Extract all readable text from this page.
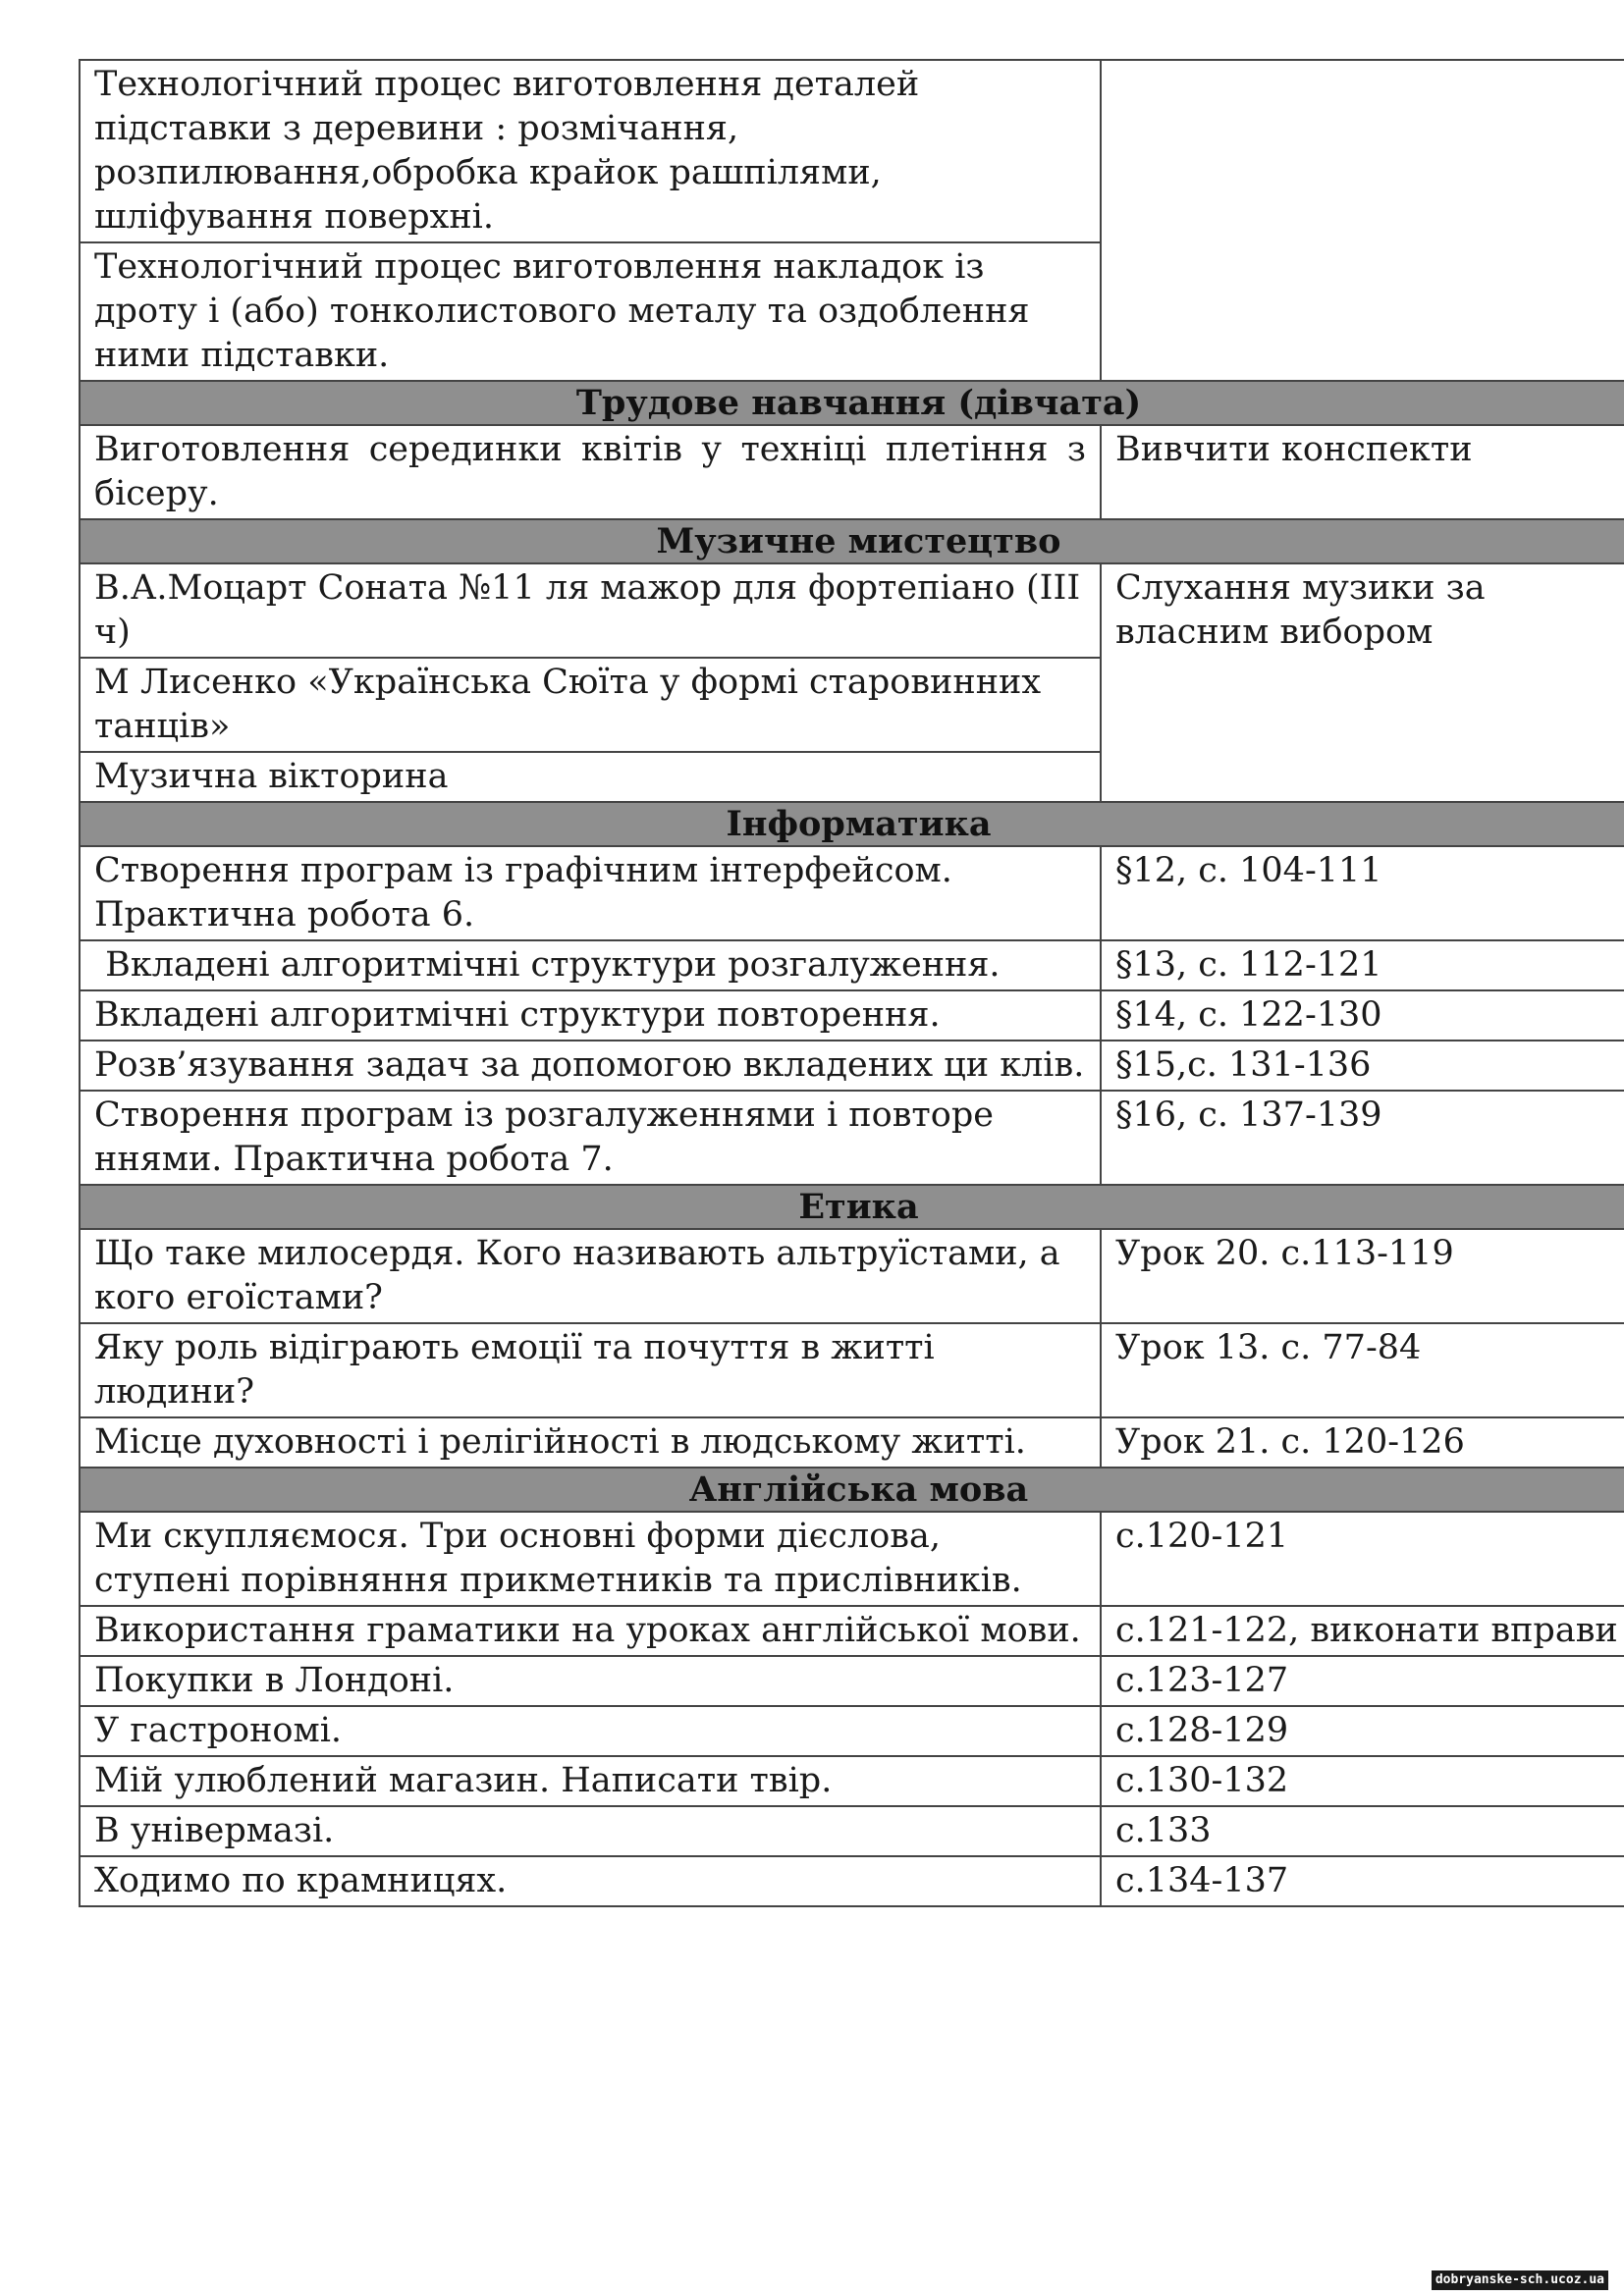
Технологічний процес виготовлення деталей підставки з деревини : розмічання, розпилювання,обробка крайок рашпілями, шліфування поверхні.	
Технологічний процес виготовлення накладок із дроту і (або) тонколистового металу та оздоблення ними підставки.	
Трудове навчання (дівчата)	
Виготовлення серединки квітів у техніці плетіння з бісеру.	Вивчити конспекти
Музичне мистецтво	
В.А.Моцарт Соната №11 ля мажор для фортепіано (ІІІ ч)	Слухання музики за власним вибором
М Лисенко «Українська Сюїта у формі старовинних танців»	
Музична вікторина	
Інформатика	
Створення програм із графічним інтерфейсом. Практична робота 6.	§12, с. 104-111
Вкладені алгоритмічні структури розгалуження.	§13, с. 112-121
Вкладені алгоритмічні структури повторення.	§14, с. 122-130
Розв’язування задач за допомогою вкладених ци клів.	§15,с. 131-136
Створення програм із розгалуженнями і повторе ннями. Практична робота 7.	§16, с. 137-139
Етика	
Що таке милосердя. Кого називають альтруїстами, а кого егоїстами?	Урок 20. с.113-119
Яку роль відіграють емоції та почуття в житті людини?	Урок 13. с. 77-84
Місце духовності і релігійності в людському житті.	Урок 21. с. 120-126
Англійська мова	
Ми скупляємося. Три основні форми дієслова, ступені порівняння прикметників та прислівників.	с.120-121
Використання граматики на уроках англійської мови.	с.121-122, виконати вправи
Покупки в Лондоні.	с.123-127
У гастрономі.	с.128-129
Мій улюблений магазин. Написати твір.	с.130-132
В універмазі.	с.133
Ходимо по крамницях.	с.134-137
dobryanske-sch.ucoz.ua
